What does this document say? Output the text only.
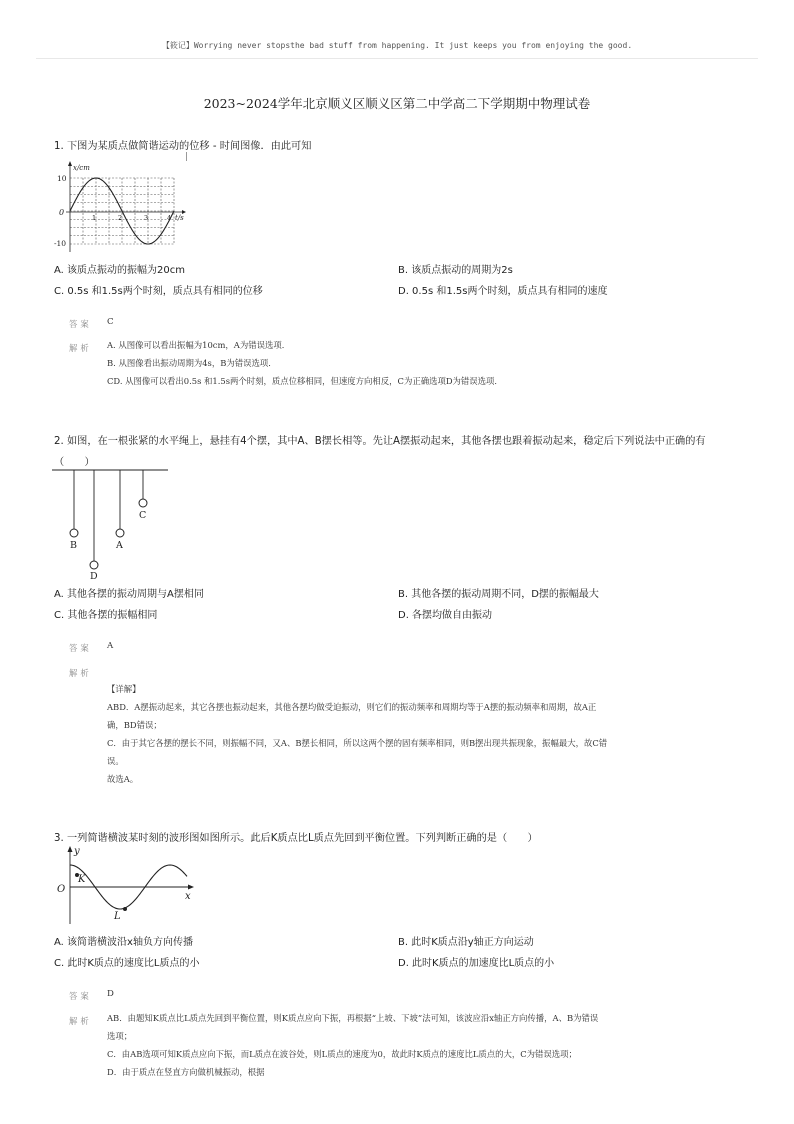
【筱记】Worrying never stopsthe bad stuff from happening. It just keeps you from enjoying the good.
2023~2024学年北京顺义区顺义区第二中学高二下学期期中物理试卷
1. 下图为某质点做简谐运动的位移 - 时间图像．由此可知
x/cm
t/s
10
0
-10
1	2	3	4
A. 该质点振动的振幅为20cm	B. 该质点振动的周期为2s
C. 0.5s 和1.5s两个时刻，质点具有相同的位移	D. 0.5s 和1.5s两个时刻，质点具有相同的速度
答案 C
解析 A. 从图像可以看出振幅为10cm，A为错误选项．
B. 从图像看出振动周期为4s，B为错误选项．
CD. 从图像可以看出0.5s 和1.5s两个时刻，质点位移相同，但速度方向相反，C为正确选项D为错误选项．
2. 如图，在一根张紧的水平绳上，悬挂有4个摆，其中A、B摆长相等。先让A摆振动起来，其他各摆也跟着振动起来，稳定后下列说法中正确的有
（　　）
B
D
A
C
A. 其他各摆的振动周期与A摆相同	B. 其他各摆的振动周期不同，D摆的振幅最大
C. 其他各摆的振幅相同	D. 各摆均做自由振动
答案 A
解析
【详解】
ABD．A摆振动起来，其它各摆也振动起来，其他各摆均做受迫振动，则它们的振动频率和周期均等于A摆的振动频率和周期，故A正
确，BD错误；
C．由于其它各摆的摆长不同，则振幅不同，又A、B摆长相同，所以这两个摆的固有频率相同，则B摆出现共振现象，振幅最大，故C错
误。
故选A。
3. 一列简谐横波某时刻的波形图如图所示。此后K质点比L质点先回到平衡位置。下列判断正确的是（　　）
y
x
O
K
L
A. 该简谐横波沿x轴负方向传播	B. 此时K质点沿y轴正方向运动
C. 此时K质点的速度比L质点的小	D. 此时K质点的加速度比L质点的小
答案 D
解析 AB．由题知K质点比L质点先回到平衡位置，则K质点应向下振，再根据“上坡、下坡”法可知，该波应沿x轴正方向传播，A、B为错误
选项；
C．由AB选项可知K质点应向下振，而L质点在波谷处，则L质点的速度为0，故此时K质点的速度比L质点的大，C为错误选项；
D．由于质点在竖直方向做机械振动，根据
